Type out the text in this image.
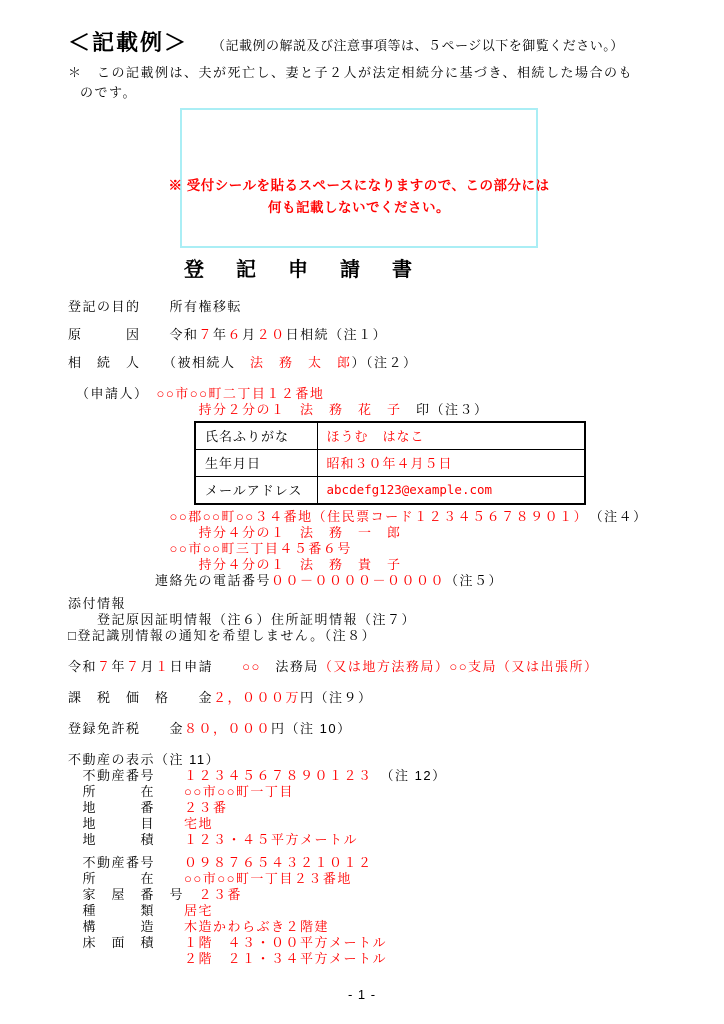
＜記載例＞ （記載例の解説及び注意事項等は、５ページ以下を御覧ください。）
＊　この記載例は、夫が死亡し、妻と子２人が法定相続分に基づき、相続した場合のも
のです。
※ 受付シールを貼るスペースになりますので、この部分には
何も記載しないでください。
登　記　申　請　書
登記の目的　　所有権移転
原　　　因　　令和７年６月２０日相続（注１）
相　続　人　　（被相続人　法　務　太　郎）（注２）
　（申請人）　○○市○○町二丁目１２番地
　　　　　　　　　持分２分の１　法　務　花　子　印（注３）
氏名ふりがな	ほうむ　はなこ
生年月日	昭和３０年４月５日
メールアドレス	abcdefg123@example.com
　　　　　　　○○郡○○町○○３４番地（住民票コード１２３４５６７８９０１）　（注４）
　　　　　　　　　持分４分の１　法　務　一　郎
　　　　　　　○○市○○町三丁目４５番６号
　　　　　　　　　持分４分の１　法　務　貴　子
　　　　　　連絡先の電話番号００－００００－００００（注５）
添付情報
　　登記原因証明情報（注６）住所証明情報（注７）
□登記識別情報の通知を希望しません。（注８）
令和７年７月１日申請　　○○　法務局（又は地方法務局）○○支局（又は出張所）
課　税　価　格　　金２，０００万円（注９）
登録免許税　　金８０，０００円（注 10）
不動産の表示（注 11）
　不動産番号　　１２３４５６７８９０１２３　（注 12）
　所　　　在　　○○市○○町一丁目
　地　　　番　　２３番
　地　　　目　　宅地
　地　　　積　　１２３・４５平方メートル
　不動産番号　　０９８７６５４３２１０１２
　所　　　在　　○○市○○町一丁目２３番地
　家　屋　番　号　２３番
　種　　　類　　居宅
　構　　　造　　木造かわらぶき２階建
　床　面　積　　１階　４３・００平方メートル
　　　　　　　　２階　２１・３４平方メートル
- 1 -
